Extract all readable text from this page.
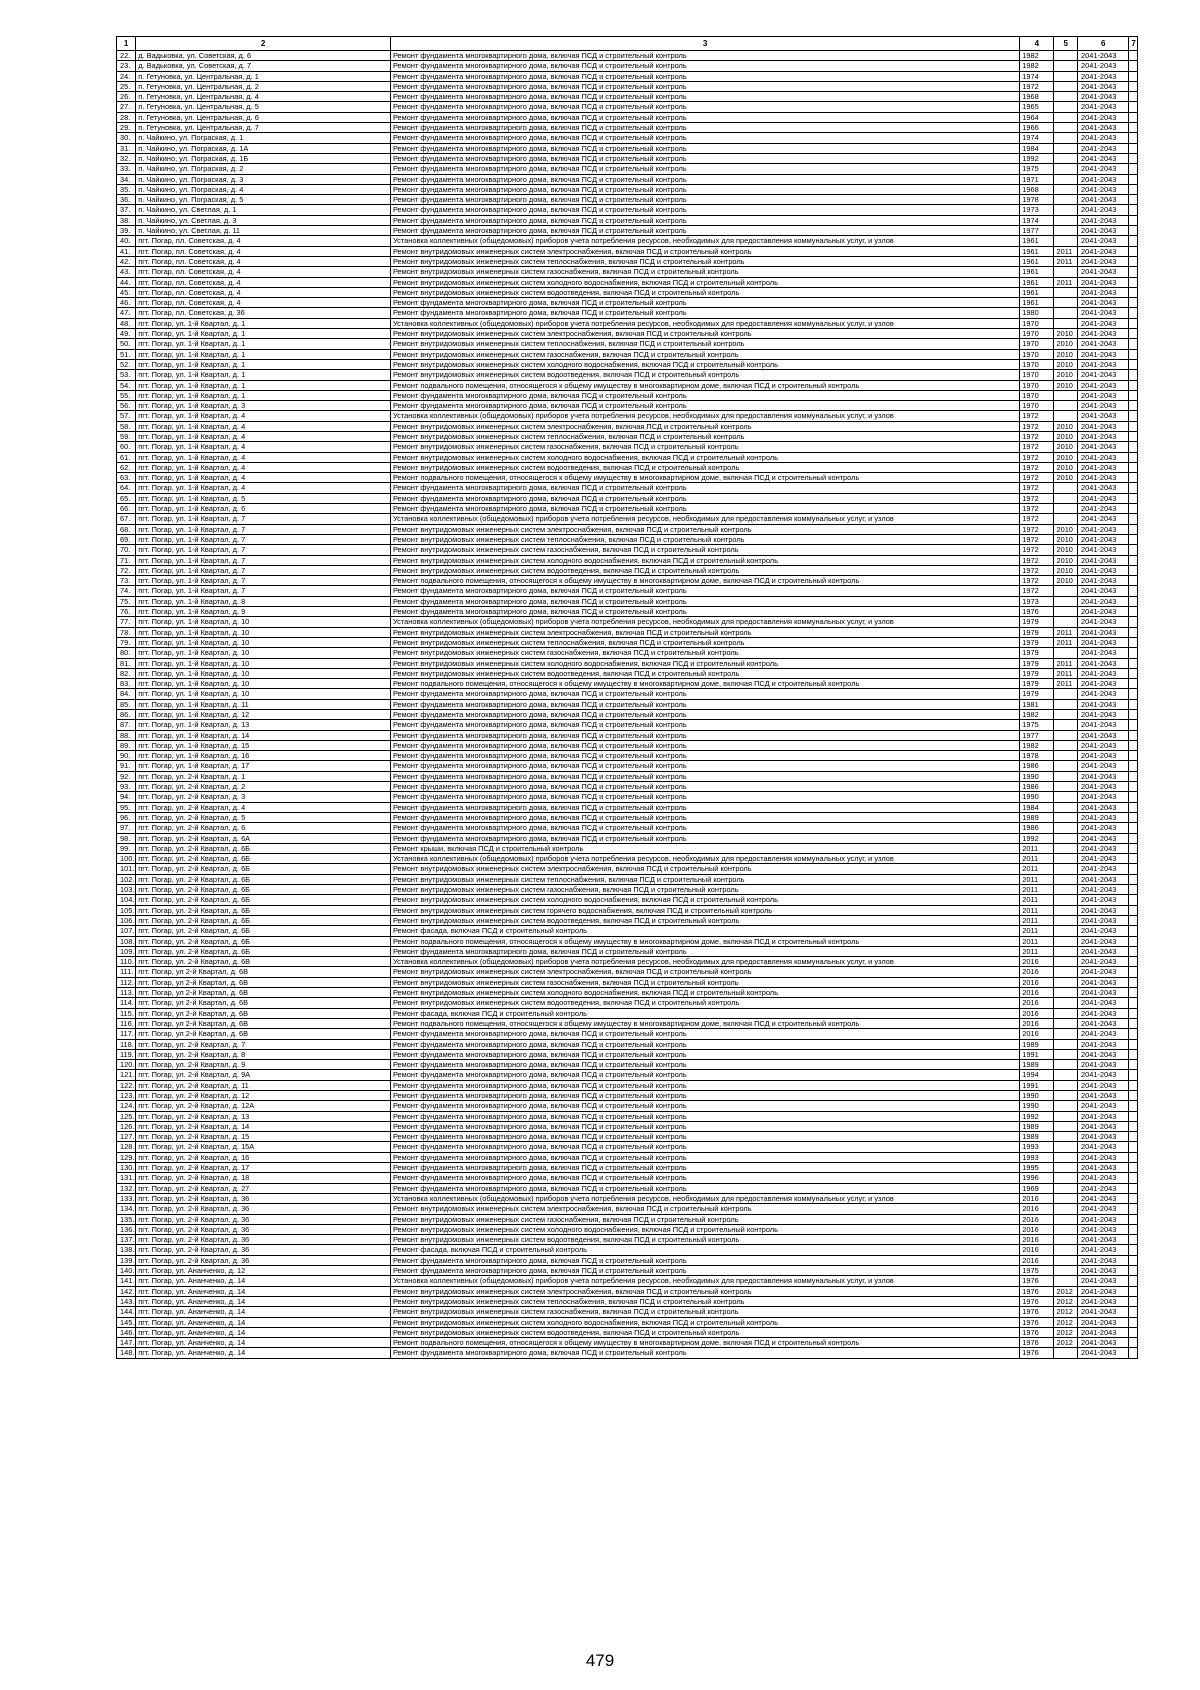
1	2	3	4	5	6	7
22.	д. Вадьковка, ул. Советская, д. 6	Ремонт фундамента многоквартирного дома, включая ПСД и строительный контроль	1982		2041-2043	
23.	д. Вадьковка, ул. Советская, д. 7	Ремонт фундамента многоквартирного дома, включая ПСД и строительный контроль	1982		2041-2043	
24.	п. Гетуновка, ул. Центральная, д. 1	Ремонт фундамента многоквартирного дома, включая ПСД и строительный контроль	1974		2041-2043	
25.	п. Гетуновка, ул. Центральная, д. 2	Ремонт фундамента многоквартирного дома, включая ПСД и строительный контроль	1972		2041-2043	
26.	п. Гетуновка, ул. Центральная, д. 4	Ремонт фундамента многоквартирного дома, включая ПСД и строительный контроль	1968		2041-2043	
27.	п. Гетуновка, ул. Центральная, д. 5	Ремонт фундамента многоквартирного дома, включая ПСД и строительный контроль	1965		2041-2043	
28.	п. Гетуновка, ул. Центральная, д. 6	Ремонт фундамента многоквартирного дома, включая ПСД и строительный контроль	1964		2041-2043	
29.	п. Гетуновка, ул. Центральная, д. 7	Ремонт фундамента многоквартирного дома, включая ПСД и строительный контроль	1966		2041-2043	
30.	п. Чайкино, ул. Пограская, д. 1	Ремонт фундамента многоквартирного дома, включая ПСД и строительный контроль	1974		2041-2043	
31.	п. Чайкино, ул. Пограская, д. 1А	Ремонт фундамента многоквартирного дома, включая ПСД и строительный контроль	1984		2041-2043	
32.	п. Чайкино, ул. Пограская, д. 1Б	Ремонт фундамента многоквартирного дома, включая ПСД и строительный контроль	1992		2041-2043	
33.	п. Чайкино, ул. Пограская, д. 2	Ремонт фундамента многоквартирного дома, включая ПСД и строительный контроль	1975		2041-2043	
34.	п. Чайкино, ул. Пограская, д. 3	Ремонт фундамента многоквартирного дома, включая ПСД и строительный контроль	1971		2041-2043	
35.	п. Чайкино, ул. Пограская, д. 4	Ремонт фундамента многоквартирного дома, включая ПСД и строительный контроль	1968		2041-2043	
36.	п. Чайкино, ул. Пограская, д. 5	Ремонт фундамента многоквартирного дома, включая ПСД и строительный контроль	1978		2041-2043	
37.	п. Чайкино, ул. Светлая, д. 1	Ремонт фундамента многоквартирного дома, включая ПСД и строительный контроль	1973		2041-2043	
38.	п. Чайкино, ул. Светлая, д. 3	Ремонт фундамента многоквартирного дома, включая ПСД и строительный контроль	1974		2041-2043	
39.	п. Чайкино, ул. Светлая, д. 11	Ремонт фундамента многоквартирного дома, включая ПСД и строительный контроль	1977		2041-2043	
40.	пгт. Погар, пл. Советская, д. 4	Установка коллективных (общедомовых) приборов учета потребления ресурсов, необходимых для предоставления коммунальных услуг, и узлов	1961		2041-2043	
41.	пгт. Погар, пл. Советская, д. 4	Ремонт внутридомовых инженерных систем электроснабжения, включая ПСД и строительный контроль	1961	2011	2041-2043	
42.	пгт. Погар, пл. Советская, д. 4	Ремонт внутридомовых инженерных систем теплоснабжения, включая ПСД и строительный контроль	1961	2011	2041-2043	
43.	пгт. Погар, пл. Советская, д. 4	Ремонт внутридомовых инженерных систем газоснабжения, включая ПСД и строительный контроль	1961		2041-2043	
44.	пгт. Погар, пл. Советская, д. 4	Ремонт внутридомовых инженерных систем холодного водоснабжения, включая ПСД и строительный контроль	1961	2011	2041-2043	
45.	пгт. Погар, пл. Советская, д. 4	Ремонт внутридомовых инженерных систем водоотведения, включая ПСД и строительный контроль	1961		2041-2043	
46.	пгт. Погар, пл. Советская, д. 4	Ремонт фундамента многоквартирного дома, включая ПСД и строительный контроль	1961		2041-2043	
47.	пгт. Погар, пл. Советская, д. 36	Ремонт фундамента многоквартирного дома, включая ПСД и строительный контроль	1980		2041-2043	
48.	пгт. Погар, ул. 1-й Квартал, д. 1	Установка коллективных (общедомовых) приборов учета потребления ресурсов, необходимых для предоставления коммунальных услуг, и узлов	1970		2041-2043	
49.	пгт. Погар, ул. 1-й Квартал, д. 1	Ремонт внутридомовых инженерных систем электроснабжения, включая ПСД и строительный контроль	1970	2010	2041-2043	
50.	пгт. Погар, ул. 1-й Квартал, д. 1	Ремонт внутридомовых инженерных систем теплоснабжения, включая ПСД и строительный контроль	1970	2010	2041-2043	
51.	пгт. Погар, ул. 1-й Квартал, д. 1	Ремонт внутридомовых инженерных систем газоснабжения, включая ПСД и строительный контроль	1970	2010	2041-2043	
52.	пгт. Погар, ул. 1-й Квартал, д. 1	Ремонт внутридомовых инженерных систем холодного водоснабжения, включая ПСД и строительный контроль	1970	2010	2041-2043	
53.	пгт. Погар, ул. 1-й Квартал, д. 1	Ремонт внутридомовых инженерных систем водоотведения, включая ПСД и строительный контроль	1970	2010	2041-2043	
54.	пгт. Погар, ул. 1-й Квартал, д. 1	Ремонт подвального помещения, относящегося к общему имуществу в многоквартирном доме, включая ПСД и строительный контроль	1970	2010	2041-2043	
55.	пгт. Погар, ул. 1-й Квартал, д. 1	Ремонт фундамента многоквартирного дома, включая ПСД и строительный контроль	1970		2041-2043	
56.	пгт. Погар, ул. 1-й Квартал, д. 3	Ремонт фундамента многоквартирного дома, включая ПСД и строительный контроль	1970		2041-2043	
57.	пгт. Погар, ул. 1-й Квартал, д. 4	Установка коллективных (общедомовых) приборов учета потребления ресурсов, необходимых для предоставления коммунальных услуг, и узлов	1972		2041-2043	
58.	пгт. Погар, ул. 1-й Квартал, д. 4	Ремонт внутридомовых инженерных систем электроснабжения, включая ПСД и строительный контроль	1972	2010	2041-2043	
59.	пгт. Погар, ул. 1-й Квартал, д. 4	Ремонт внутридомовых инженерных систем теплоснабжения, включая ПСД и строительный контроль	1972	2010	2041-2043	
60.	пгт. Погар, ул. 1-й Квартал, д. 4	Ремонт внутридомовых инженерных систем газоснабжения, включая ПСД и строительный контроль	1972	2010	2041-2043	
61.	пгт. Погар, ул. 1-й Квартал, д. 4	Ремонт внутридомовых инженерных систем холодного водоснабжения, включая ПСД и строительный контроль	1972	2010	2041-2043	
62.	пгт. Погар, ул. 1-й Квартал, д. 4	Ремонт внутридомовых инженерных систем водоотведения, включая ПСД и строительный контроль	1972	2010	2041-2043	
63.	пгт. Погар, ул. 1-й Квартал, д. 4	Ремонт подвального помещения, относящегося к общему имуществу в многоквартирном доме, включая ПСД и строительный контроль	1972	2010	2041-2043	
64.	пгт. Погар, ул. 1-й Квартал, д. 4	Ремонт фундамента многоквартирного дома, включая ПСД и строительный контроль	1972		2041-2043	
65.	пгт. Погар, ул. 1-й Квартал, д. 5	Ремонт фундамента многоквартирного дома, включая ПСД и строительный контроль	1972		2041-2043	
66.	пгт. Погар, ул. 1-й Квартал, д. 6	Ремонт фундамента многоквартирного дома, включая ПСД и строительный контроль	1972		2041-2043	
67.	пгт. Погар, ул. 1-й Квартал, д. 7	Установка коллективных (общедомовых) приборов учета потребления ресурсов, необходимых для предоставления коммунальных услуг, и узлов	1972		2041-2043	
68.	пгт. Погар, ул. 1-й Квартал, д. 7	Ремонт внутридомовых инженерных систем электроснабжения, включая ПСД и строительный контроль	1972	2010	2041-2043	
69.	пгт. Погар, ул. 1-й Квартал, д. 7	Ремонт внутридомовых инженерных систем теплоснабжения, включая ПСД и строительный контроль	1972	2010	2041-2043	
70.	пгт. Погар, ул. 1-й Квартал, д. 7	Ремонт внутридомовых инженерных систем газоснабжения, включая ПСД и строительный контроль	1972	2010	2041-2043	
71.	пгт. Погар, ул. 1-й Квартал, д. 7	Ремонт внутридомовых инженерных систем холодного водоснабжения, включая ПСД и строительный контроль	1972	2010	2041-2043	
72.	пгт. Погар, ул. 1-й Квартал, д. 7	Ремонт внутридомовых инженерных систем водоотведения, включая ПСД и строительный контроль	1972	2010	2041-2043	
73.	пгт. Погар, ул. 1-й Квартал, д. 7	Ремонт подвального помещения, относящегося к общему имуществу в многоквартирном доме, включая ПСД и строительный контроль	1972	2010	2041-2043	
74.	пгт. Погар, ул. 1-й Квартал, д. 7	Ремонт фундамента многоквартирного дома, включая ПСД и строительный контроль	1972		2041-2043	
75.	пгт. Погар, ул. 1-й Квартал, д. 8	Ремонт фундамента многоквартирного дома, включая ПСД и строительный контроль	1973		2041-2043	
76.	пгт. Погар, ул. 1-й Квартал, д. 9	Ремонт фундамента многоквартирного дома, включая ПСД и строительный контроль	1976		2041-2043	
77.	пгт. Погар, ул. 1-й Квартал, д. 10	Установка коллективных (общедомовых) приборов учета потребления ресурсов, необходимых для предоставления коммунальных услуг, и узлов	1979		2041-2043	
78.	пгт. Погар, ул. 1-й Квартал, д. 10	Ремонт внутридомовых инженерных систем электроснабжения, включая ПСД и строительный контроль	1979	2011	2041-2043	
79.	пгт. Погар, ул. 1-й Квартал, д. 10	Ремонт внутридомовых инженерных систем теплоснабжения, включая ПСД и строительный контроль	1979	2011	2041-2043	
80.	пгт. Погар, ул. 1-й Квартал, д. 10	Ремонт внутридомовых инженерных систем газоснабжения, включая ПСД и строительный контроль	1979		2041-2043	
81.	пгт. Погар, ул. 1-й Квартал, д. 10	Ремонт внутридомовых инженерных систем холодного водоснабжения, включая ПСД и строительный контроль	1979	2011	2041-2043	
82.	пгт. Погар, ул. 1-й Квартал, д. 10	Ремонт внутридомовых инженерных систем водоотведения, включая ПСД и строительный контроль	1979	2011	2041-2043	
83.	пгт. Погар, ул. 1-й Квартал, д. 10	Ремонт подвального помещения, относящегося к общему имуществу в многоквартирном доме, включая ПСД и строительный контроль	1979	2011	2041-2043	
84.	пгт. Погар, ул. 1-й Квартал, д. 10	Ремонт фундамента многоквартирного дома, включая ПСД и строительный контроль	1979		2041-2043	
85.	пгт. Погар, ул. 1-й Квартал, д. 11	Ремонт фундамента многоквартирного дома, включая ПСД и строительный контроль	1981		2041-2043	
86.	пгт. Погар, ул. 1-й Квартал, д. 12	Ремонт фундамента многоквартирного дома, включая ПСД и строительный контроль	1982		2041-2043	
87.	пгт. Погар, ул. 1-й Квартал, д. 13	Ремонт фундамента многоквартирного дома, включая ПСД и строительный контроль	1975		2041-2043	
88.	пгт. Погар, ул. 1-й Квартал, д. 14	Ремонт фундамента многоквартирного дома, включая ПСД и строительный контроль	1977		2041-2043	
89.	пгт. Погар, ул. 1-й Квартал, д. 15	Ремонт фундамента многоквартирного дома, включая ПСД и строительный контроль	1982		2041-2043	
90.	пгт. Погар, ул. 1-й Квартал, д. 16	Ремонт фундамента многоквартирного дома, включая ПСД и строительный контроль	1978		2041-2043	
91.	пгт. Погар, ул. 1-й Квартал, д. 17	Ремонт фундамента многоквартирного дома, включая ПСД и строительный контроль	1986		2041-2043	
92.	пгт. Погар, ул. 2-й Квартал, д. 1	Ремонт фундамента многоквартирного дома, включая ПСД и строительный контроль	1990		2041-2043	
93.	пгт. Погар, ул. 2-й Квартал, д. 2	Ремонт фундамента многоквартирного дома, включая ПСД и строительный контроль	1986		2041-2043	
94.	пгт. Погар, ул. 2-й Квартал, д. 3	Ремонт фундамента многоквартирного дома, включая ПСД и строительный контроль	1990		2041-2043	
95.	пгт. Погар, ул. 2-й Квартал, д. 4	Ремонт фундамента многоквартирного дома, включая ПСД и строительный контроль	1984		2041-2043	
96.	пгт. Погар, ул. 2-й Квартал, д. 5	Ремонт фундамента многоквартирного дома, включая ПСД и строительный контроль	1989		2041-2043	
97.	пгт. Погар, ул. 2-й Квартал, д. 6	Ремонт фундамента многоквартирного дома, включая ПСД и строительный контроль	1986		2041-2043	
98.	пгт. Погар, ул. 2-й Квартал, д. 6А	Ремонт фундамента многоквартирного дома, включая ПСД и строительный контроль	1992		2041-2043	
99.	пгт. Погар, ул. 2-й Квартал, д. 6Б	Ремонт крыши, включая ПСД и строительный контроль	2011		2041-2043	
100.	пгт. Погар, ул. 2-й Квартал, д. 6Б	Установка коллективных (общедомовых) приборов учета потребления ресурсов, необходимых для предоставления коммунальных услуг, и узлов	2011		2041-2043	
101.	пгт. Погар, ул. 2-й Квартал, д. 6Б	Ремонт внутридомовых инженерных систем электроснабжения, включая ПСД и строительный контроль	2011		2041-2043	
102.	пгт. Погар, ул. 2-й Квартал, д. 6Б	Ремонт внутридомовых инженерных систем теплоснабжения, включая ПСД и строительный контроль	2011		2041-2043	
103.	пгт. Погар, ул. 2-й Квартал, д. 6Б	Ремонт внутридомовых инженерных систем газоснабжения, включая ПСД и строительный контроль	2011		2041-2043	
104.	пгт. Погар, ул. 2-й Квартал, д. 6Б	Ремонт внутридомовых инженерных систем холодного водоснабжения, включая ПСД и строительный контроль	2011		2041-2043	
105.	пгт. Погар, ул. 2-й Квартал, д. 6Б	Ремонт внутридомовых инженерных систем горячего водоснабжения, включая ПСД и строительный контроль	2011		2041-2043	
106.	пгт. Погар, ул. 2-й Квартал, д. 6Б	Ремонт внутридомовых инженерных систем водоотведения, включая ПСД и строительный контроль	2011		2041-2043	
107.	пгт. Погар, ул. 2-й Квартал, д. 6Б	Ремонт фасада, включая ПСД и строительный контроль	2011		2041-2043	
108.	пгт. Погар, ул. 2-й Квартал, д. 6Б	Ремонт подвального помещения, относящегося к общему имуществу в многоквартирном доме, включая ПСД и строительный контроль	2011		2041-2043	
109.	пгт. Погар, ул. 2-й Квартал, д. 6Б	Ремонт фундамента многоквартирного дома, включая ПСД и строительный контроль	2011		2041-2043	
110.	пгт. Погар, ул. 2-й Квартал, д. 6В	Установка коллективных (общедомовых) приборов учета потребления ресурсов, необходимых для предоставления коммунальных услуг, и узлов	2016		2041-2043	
111.	пгт. Погар, ул 2-й Квартал, д. 6В	Ремонт внутридомовых инженерных систем электроснабжения, включая ПСД и строительный контроль	2016		2041-2043	
112.	пгт. Погар, ул 2-й Квартал, д. 6В	Ремонт внутридомовых инженерных систем газоснабжения, включая ПСД и строительный контроль	2016		2041-2043	
113.	пгт. Погар, ул 2-й Квартал, д. 6В	Ремонт внутридомовых инженерных систем холодного водоснабжения, включая ПСД и строительный контроль	2016		2041-2043	
114.	пгт. Погар, ул 2-й Квартал, д. 6В	Ремонт внутридомовых инженерных систем водоотведения, включая ПСД и строительный контроль	2016		2041-2043	
115.	пгт. Погар, ул 2-й Квартал, д. 6В	Ремонт фасада, включая ПСД и строительный контроль	2016		2041-2043	
116.	пгт. Погар, ул 2-й Квартал, д. 6В	Ремонт подвального помещения, относящегося к общему имуществу в многоквартирном доме, включая ПСД и строительный контроль	2016		2041-2043	
117.	пгт. Погар, ул 2-й Квартал, д. 6В	Ремонт фундамента многоквартирного дома, включая ПСД и строительный контроль	2016		2041-2043	
118.	пгт. Погар, ул. 2-й Квартал, д. 7	Ремонт фундамента многоквартирного дома, включая ПСД и строительный контроль	1989		2041-2043	
119.	пгт. Погар, ул. 2-й Квартал, д. 8	Ремонт фундамента многоквартирного дома, включая ПСД и строительный контроль	1991		2041-2043	
120.	пгт. Погар, ул. 2-й Квартал, д. 9	Ремонт фундамента многоквартирного дома, включая ПСД и строительный контроль	1989		2041-2043	
121.	пгт. Погар, ул. 2-й Квартал, д. 9А	Ремонт фундамента многоквартирного дома, включая ПСД и строительный контроль	1994		2041-2043	
122.	пгт. Погар, ул. 2-й Квартал, д. 11	Ремонт фундамента многоквартирного дома, включая ПСД и строительный контроль	1991		2041-2043	
123.	пгт. Погар, ул. 2-й Квартал, д. 12	Ремонт фундамента многоквартирного дома, включая ПСД и строительный контроль	1990		2041-2043	
124.	пгт. Погар, ул. 2-й Квартал, д. 12А	Ремонт фундамента многоквартирного дома, включая ПСД и строительный контроль	1990		2041-2043	
125.	пгт. Погар, ул. 2-й Квартал, д. 13	Ремонт фундамента многоквартирного дома, включая ПСД и строительный контроль	1992		2041-2043	
126.	пгт. Погар, ул. 2-й Квартал, д. 14	Ремонт фундамента многоквартирного дома, включая ПСД и строительный контроль	1989		2041-2043	
127.	пгт. Погар, ул. 2-й Квартал, д. 15	Ремонт фундамента многоквартирного дома, включая ПСД и строительный контроль	1989		2041-2043	
128.	пгт. Погар, ул. 2-й Квартал, д. 15А	Ремонт фундамента многоквартирного дома, включая ПСД и строительный контроль	1993		2041-2043	
129.	пгт. Погар, ул. 2-й Квартал, д. 16	Ремонт фундамента многоквартирного дома, включая ПСД и строительный контроль	1993		2041-2043	
130.	пгт. Погар, ул. 2-й Квартал, д. 17	Ремонт фундамента многоквартирного дома, включая ПСД и строительный контроль	1995		2041-2043	
131.	пгт. Погар, ул. 2-й Квартал, д. 18	Ремонт фундамента многоквартирного дома, включая ПСД и строительный контроль	1996		2041-2043	
132.	пгт. Погар, ул. 2-й Квартал, д. 27	Ремонт фундамента многоквартирного дома, включая ПСД и строительный контроль	1969		2041-2043	
133.	пгт. Погар, ул. 2-й Квартал, д. 36	Установка коллективных (общедомовых) приборов учета потребления ресурсов, необходимых для предоставления коммунальных услуг, и узлов	2016		2041-2043	
134.	пгт. Погар, ул. 2-й Квартал, д. 36	Ремонт внутридомовых инженерных систем электроснабжения, включая ПСД и строительный контроль	2016		2041-2043	
135.	пгт. Погар, ул. 2-й Квартал, д. 36	Ремонт внутридомовых инженерных систем газоснабжения, включая ПСД и строительный контроль	2016		2041-2043	
136.	пгт. Погар, ул. 2-й Квартал, д. 36	Ремонт внутридомовых инженерных систем холодного водоснабжения, включая ПСД и строительный контроль	2016		2041-2043	
137.	пгт. Погар, ул. 2-й Квартал, д. 36	Ремонт внутридомовых инженерных систем водоотведения, включая ПСД и строительный контроль	2016		2041-2043	
138.	пгт. Погар, ул. 2-й Квартал, д. 36	Ремонт фасада, включая ПСД и строительный контроль	2016		2041-2043	
139.	пгт. Погар, ул. 2-й Квартал, д. 36	Ремонт фундамента многоквартирного дома, включая ПСД и строительный контроль	2016		2041-2043	
140.	пгт. Погар, ул. Ананченко, д. 12	Ремонт фундамента многоквартирного дома, включая ПСД и строительный контроль	1975		2041-2043	
141.	пгт. Погар, ул. Ананченко, д. 14	Установка коллективных (общедомовых) приборов учета потребления ресурсов, необходимых для предоставления коммунальных услуг, и узлов	1976		2041-2043	
142.	пгт. Погар, ул. Ананченко, д. 14	Ремонт внутридомовых инженерных систем электроснабжения, включая ПСД и строительный контроль	1976	2012	2041-2043	
143.	пгт. Погар, ул. Ананченко, д. 14	Ремонт внутридомовых инженерных систем теплоснабжения, включая ПСД и строительный контроль	1976	2012	2041-2043	
144.	пгт. Погар, ул. Ананченко, д. 14	Ремонт внутридомовых инженерных систем газоснабжения, включая ПСД и строительный контроль	1976	2012	2041-2043	
145.	пгт. Погар, ул. Ананченко, д. 14	Ремонт внутридомовых инженерных систем холодного водоснабжения, включая ПСД и строительный контроль	1976	2012	2041-2043	
146.	пгт. Погар, ул. Ананченко, д. 14	Ремонт внутридомовых инженерных систем водоотведения, включая ПСД и строительный контроль	1976	2012	2041-2043	
147.	пгт. Погар, ул. Ананченко, д. 14	Ремонт подвального помещения, относящегося к общему имуществу в многоквартирном доме, включая ПСД и строительный контроль	1976	2012	2041-2043	
148.	пгт. Погар, ул. Ананченко, д. 14	Ремонт фундамента многоквартирного дома, включая ПСД и строительный контроль	1976		2041-2043	
479
